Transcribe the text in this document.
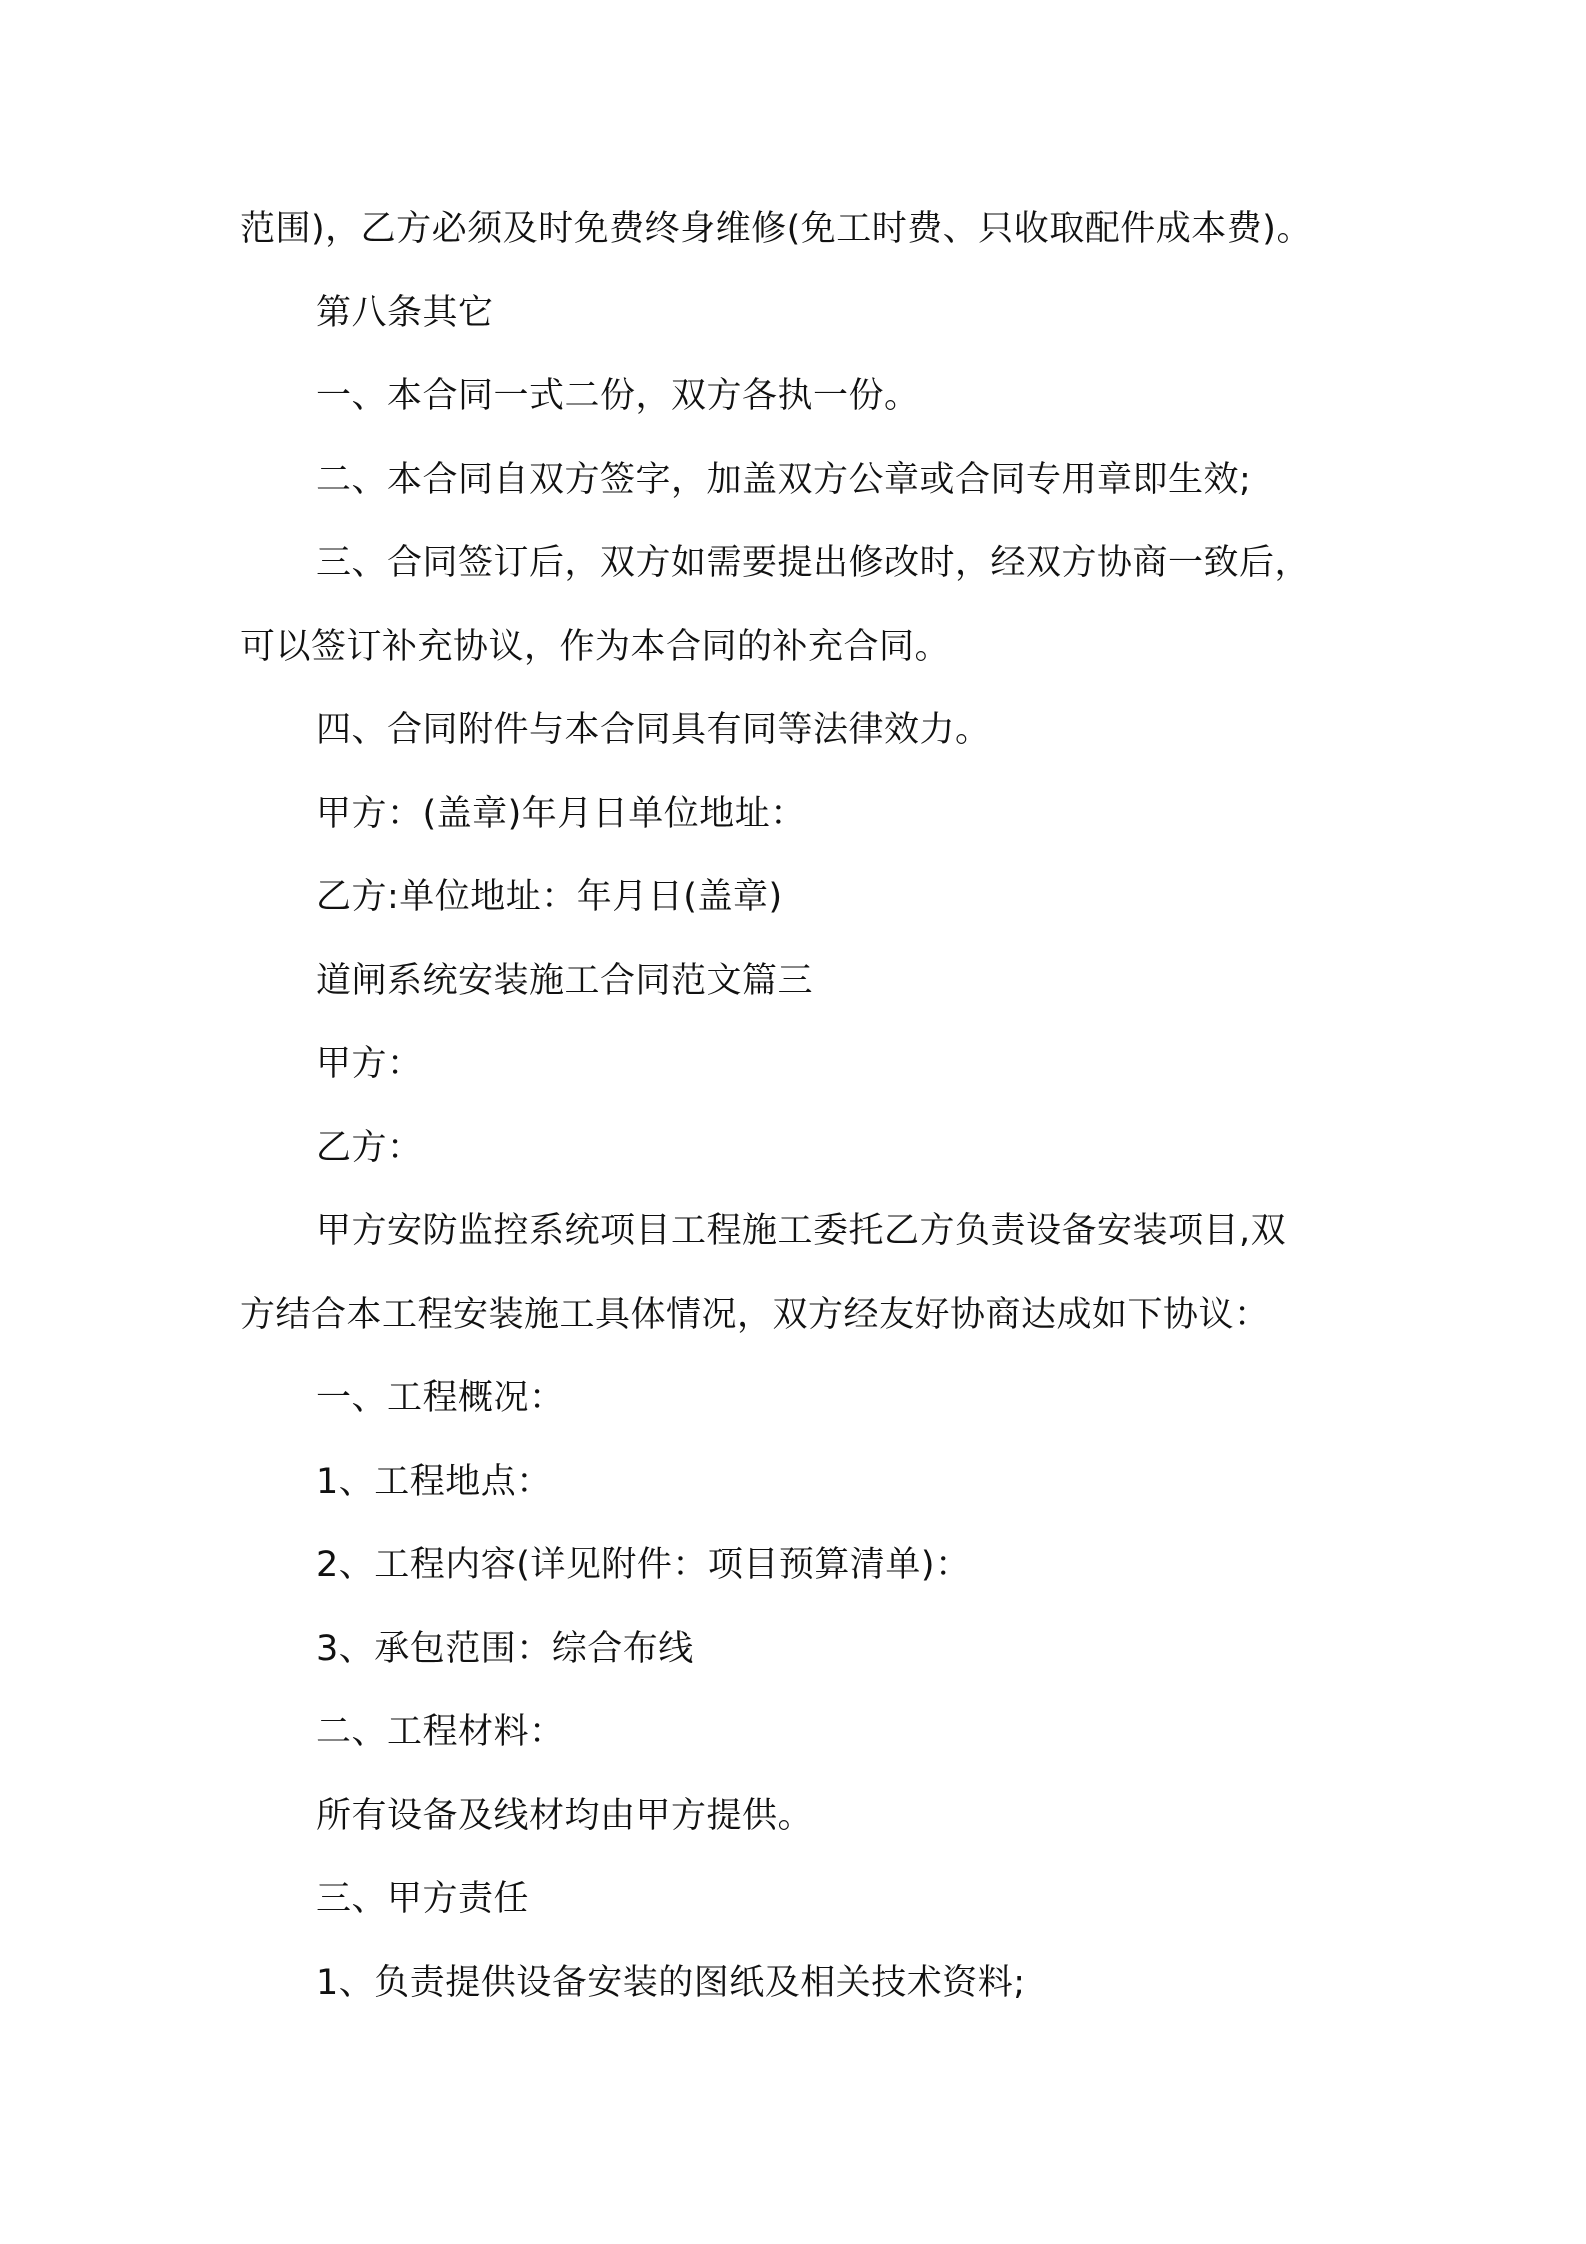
范围)，乙方必须及时免费终身维修(免工时费、只收取配件成本费)。
第八条其它
一、本合同一式二份，双方各执一份。
二、本合同自双方签字，加盖双方公章或合同专用章即生效;
三、合同签订后，双方如需要提出修改时，经双方协商一致后，
可以签订补充协议，作为本合同的补充合同。
四、合同附件与本合同具有同等法律效力。
甲方：(盖章)年月日单位地址：
乙方:单位地址：年月日(盖章)
道闸系统安装施工合同范文篇三
甲方：
乙方：
甲方安防监控系统项目工程施工委托乙方负责设备安装项目,双
方结合本工程安装施工具体情况，双方经友好协商达成如下协议：
一、工程概况：
1、工程地点：
2、工程内容(详见附件：项目预算清单)：
3、承包范围：综合布线
二、工程材料：
所有设备及线材均由甲方提供。
三、甲方责任
1、负责提供设备安装的图纸及相关技术资料;
